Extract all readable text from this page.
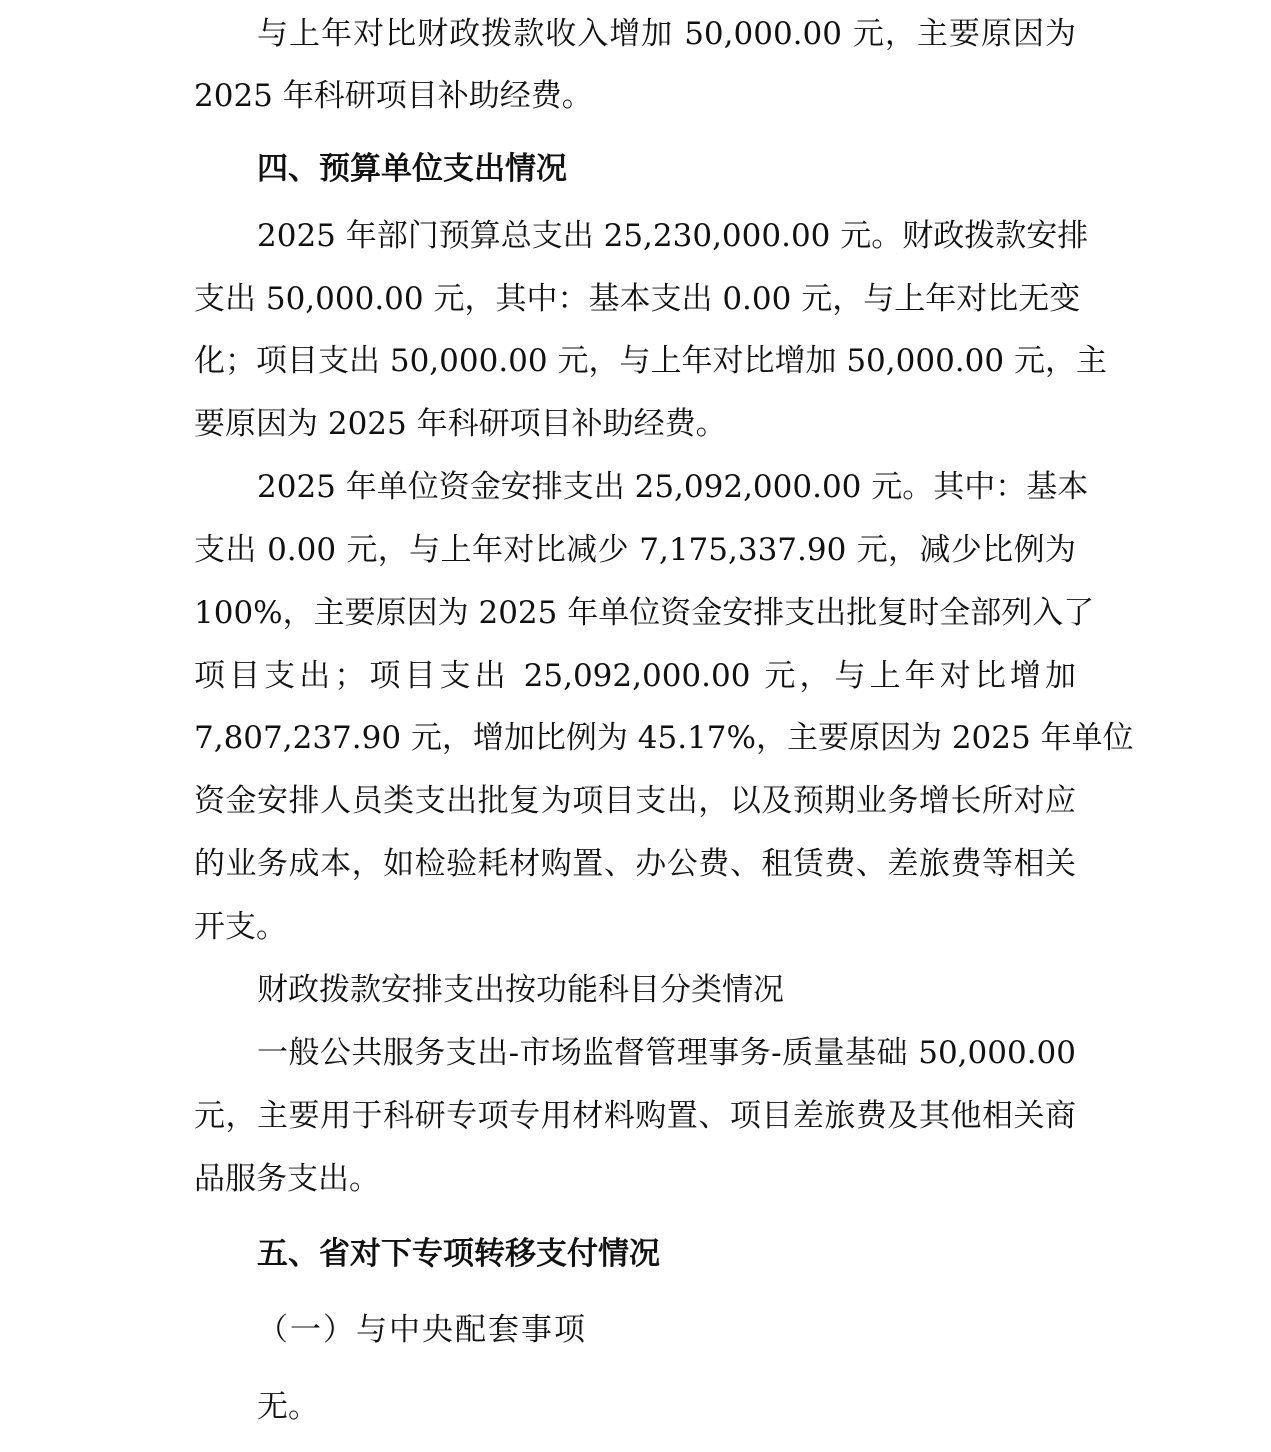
与上年对比财政拨款收入增加 50,000.00 元，主要原因为
2025 年科研项目补助经费。
四、预算单位支出情况
2025 年部门预算总支出 25,230,000.00 元。财政拨款安排
支出 50,000.00 元，其中：基本支出 0.00 元，与上年对比无变
化；项目支出 50,000.00 元，与上年对比增加 50,000.00 元，主
要原因为 2025 年科研项目补助经费。
2025 年单位资金安排支出 25,092,000.00 元。其中：基本
支出 0.00 元，与上年对比减少 7,175,337.90 元，减少比例为
100%，主要原因为 2025 年单位资金安排支出批复时全部列入了
项目支出；项目支出 25,092,000.00 元，与上年对比增加
7,807,237.90 元，增加比例为 45.17%，主要原因为 2025 年单位
资金安排人员类支出批复为项目支出，以及预期业务增长所对应
的业务成本，如检验耗材购置、办公费、租赁费、差旅费等相关
开支。
财政拨款安排支出按功能科目分类情况
一般公共服务支出-市场监督管理事务-质量基础 50,000.00
元，主要用于科研专项专用材料购置、项目差旅费及其他相关商
品服务支出。
五、省对下专项转移支付情况
（一）与中央配套事项
无。
